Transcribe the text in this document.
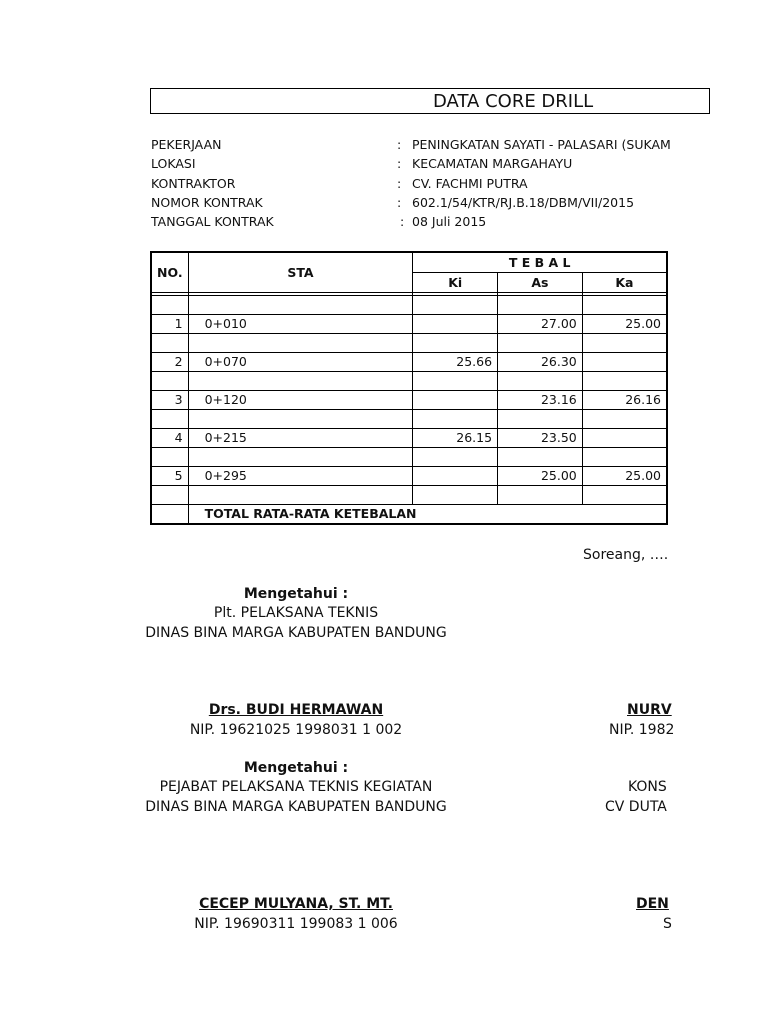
DATA CORE DRILL
PEKERJAAN	: PENINGKATAN SAYATI - PALASARI (SUKAM
LOKASI	: KECAMATAN MARGAHAYU
KONTRAKTOR	: CV. FACHMI PUTRA
NOMOR KONTRAK	: 602.1/54/KTR/RJ.B.18/DBM/VII/2015
TANGGAL KONTRAK	: 08 Juli 2015
NO.	STA	T E B A L		
		Ki	As	Ka

1	0+010		27.00	25.00

2	0+070	25.66	26.30	

3	0+120		23.16	26.16

4	0+215	26.15	23.50	

5	0+295		25.00	25.00

	TOTAL RATA-RATA KETEBALAN			
Soreang, ….
Mengetahui :
Plt. PELAKSANA TEKNIS
DINAS BINA MARGA KABUPATEN BANDUNG
Drs. BUDI HERMAWAN
NIP. 19621025 1998031 1 002
NURV
NIP. 1982
Mengetahui :
PEJABAT PELAKSANA TEKNIS KEGIATAN
DINAS BINA MARGA KABUPATEN BANDUNG
CECEP MULYANA, ST. MT.
NIP. 19690311 199083 1 006
KONS
CV DUTA
DEN
S
